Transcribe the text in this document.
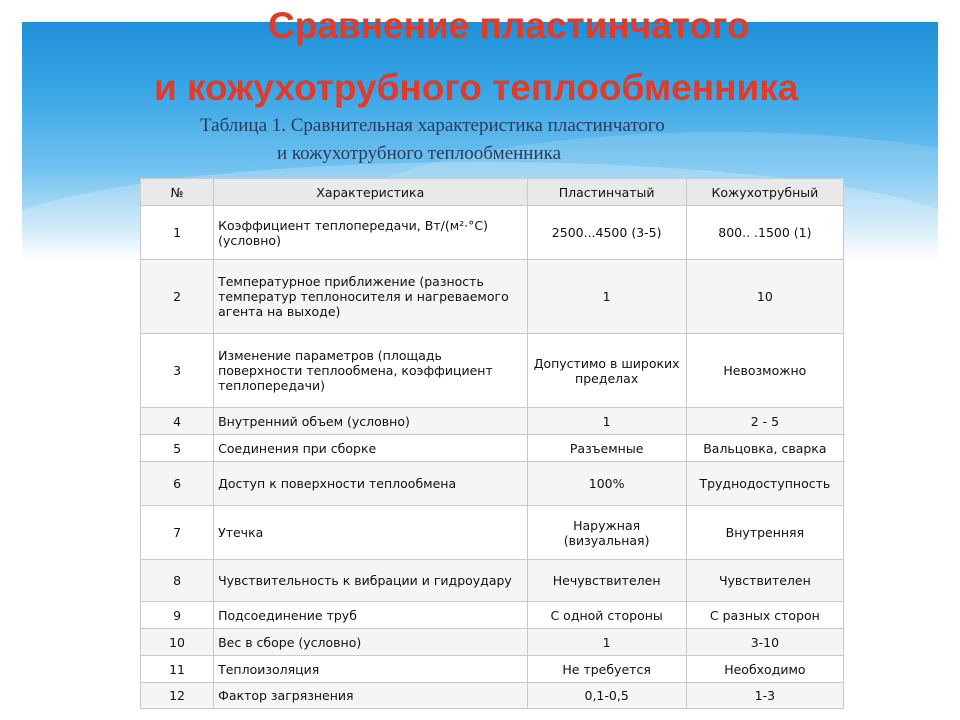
Сравнение пластинчатого
и кожухотрубного теплообменника
Таблица 1. Сравнительная характеристика пластинчатого
и кожухотрубного теплообменника
№	Характеристика	Пластинчатый	Кожухотрубный
1	Коэффициент теплопередачи, Вт/(м²·°С) (условно)	2500...4500 (3-5)	800.. .1500 (1)
2	Температурное приближение (разность температур теплоносителя и нагреваемого агента на выходе)	1	10
3	Изменение параметров (площадь поверхности теплообмена, коэффициент теплопередачи)	Допустимо в широких пределах	Невозможно
4	Внутренний объем (условно)	1	2 - 5
5	Соединения при сборке	Разъемные	Вальцовка, сварка
6	Доступ к поверхности теплообмена	100%	Труднодоступность
7	Утечка	Наружная (визуальная)	Внутренняя
8	Чувствительность к вибрации и гидроудару	Нечувствителен	Чувствителен
9	Подсоединение труб	С одной стороны	С разных сторон
10	Вес в сборе (условно)	1	3-10
11	Теплоизоляция	Не требуется	Необходимо
12	Фактор загрязнения	0,1-0,5	1-3
